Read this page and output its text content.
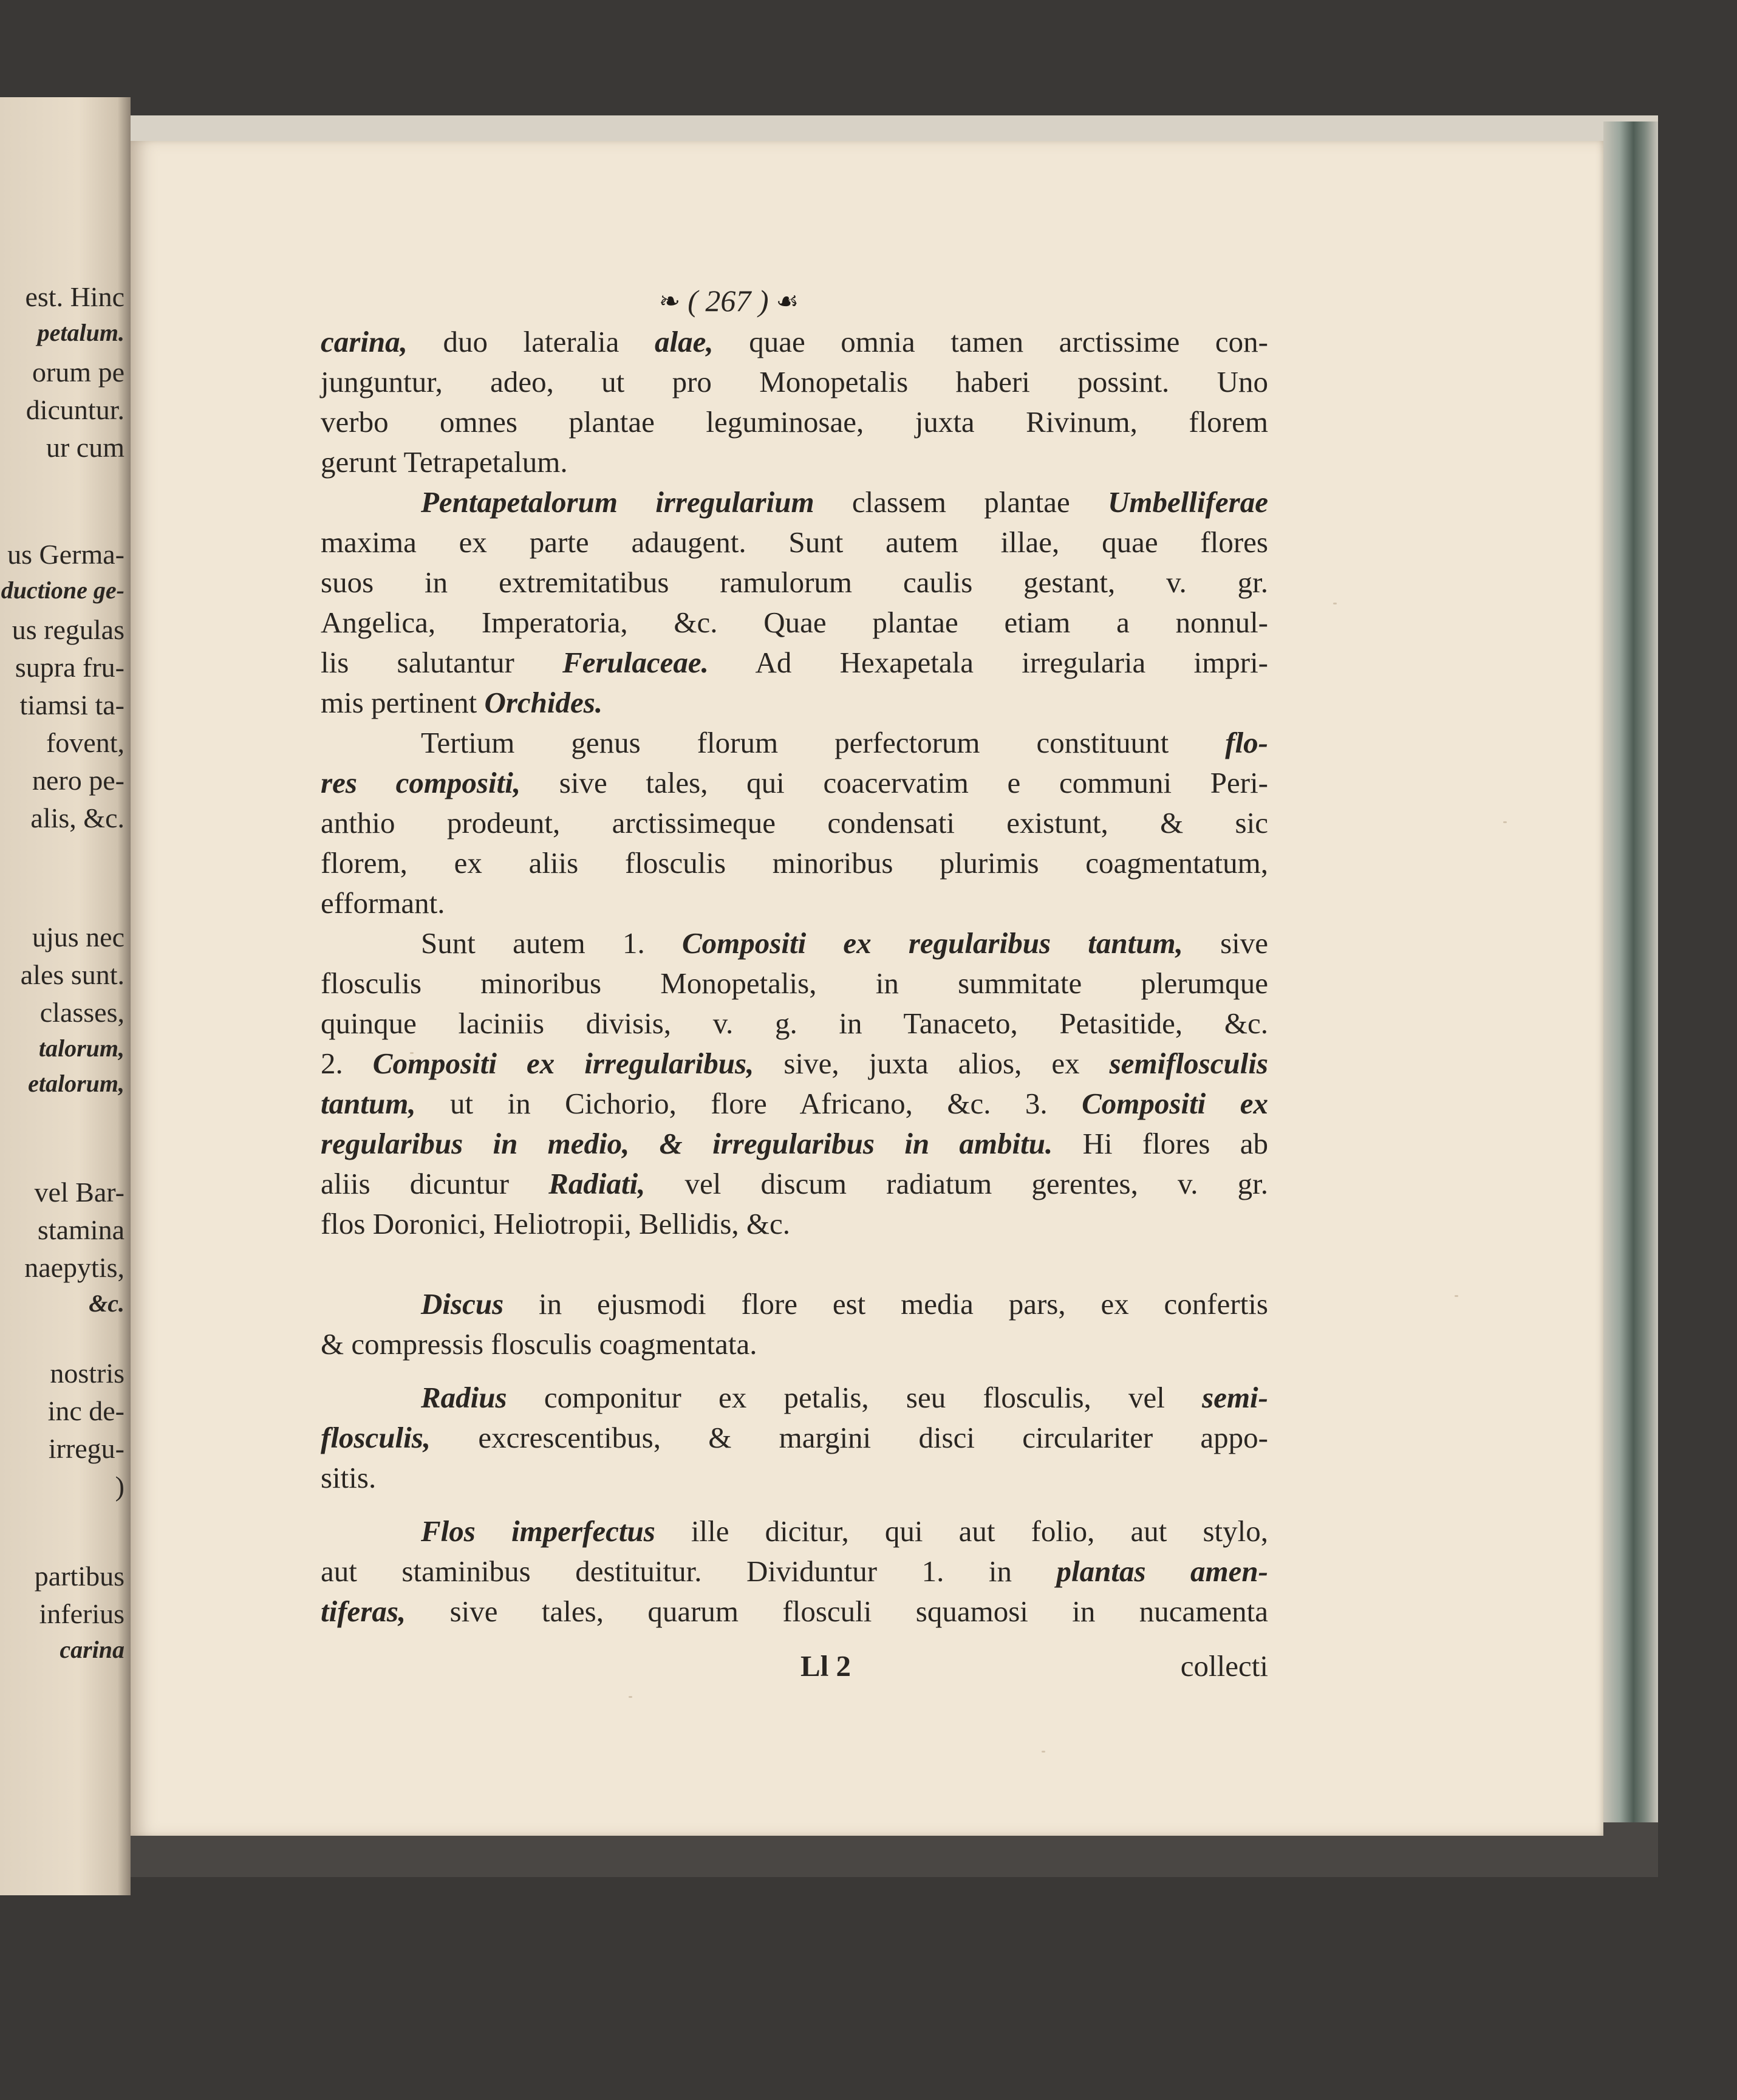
est. Hinc

petalum.

orum pe

dicuntur.

ur cum

us Germa-

ductione ge-

us regulas

supra fru-

tiamsi ta-

fovent,

nero pe-

alis, &c.

ujus nec

ales sunt.

classes,

talorum,

etalorum,

vel Bar-

stamina

naepytis,

&c.

nostris

inc de-

irregu-

)

partibus

inferius

carina

❧ ( 267 ) ☙

carina, duo lateralia alae, quae omnia tamen arctissime con-

junguntur, adeo, ut pro Monopetalis haberi possint. Uno

verbo omnes plantae leguminosae, juxta Rivinum, florem

gerunt Tetrapetalum.

Pentapetalorum irregularium classem plantae Umbelliferae

maxima ex parte adaugent. Sunt autem illae, quae flores

suos in extremitatibus ramulorum caulis gestant, v. gr.

Angelica, Imperatoria, &c. Quae plantae etiam a nonnul-

lis salutantur Ferulaceae. Ad Hexapetala irregularia impri-

mis pertinent Orchides.

Tertium genus florum perfectorum constituunt flo-

res compositi, sive tales, qui coacervatim e communi Peri-

anthio prodeunt, arctissimeque condensati existunt, & sic

florem, ex aliis flosculis minoribus plurimis coagmentatum,

efformant.

Sunt autem 1. Compositi ex regularibus tantum, sive

flosculis minoribus Monopetalis, in summitate plerumque

quinque laciniis divisis, v. g. in Tanaceto, Petasitide, &c.

2. Compositi ex irregularibus, sive, juxta alios, ex semiflosculis

tantum, ut in Cichorio, flore Africano, &c. 3. Compositi ex

regularibus in medio, & irregularibus in ambitu. Hi flores ab

aliis dicuntur Radiati, vel discum radiatum gerentes, v. gr.

flos Doronici, Heliotropii, Bellidis, &c.

Discus in ejusmodi flore est media pars, ex confertis

& compressis flosculis coagmentata.

Radius componitur ex petalis, seu flosculis, vel semi-

flosculis, excrescentibus, & margini disci circulariter appo-

sitis.

Flos imperfectus ille dicitur, qui aut folio, aut stylo,

aut staminibus destituitur. Dividuntur 1. in plantas amen-

tiferas, sive tales, quarum flosculi squamosi in nucamenta

Ll 2	collecti
